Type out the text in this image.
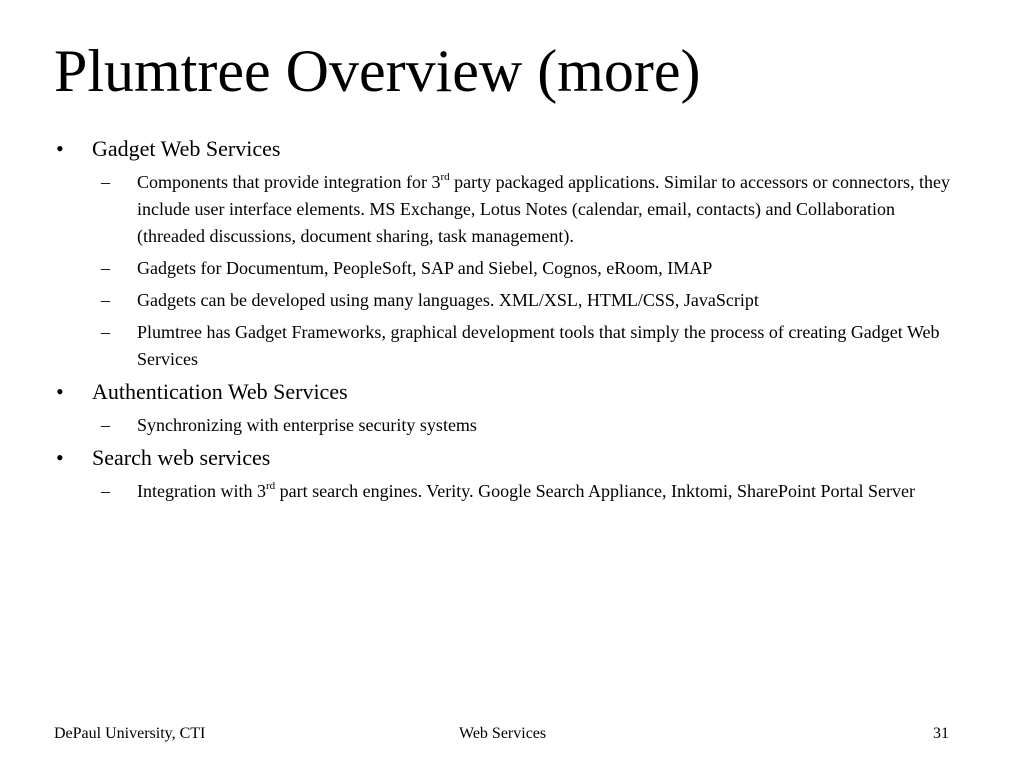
Plumtree Overview (more)
• Gadget Web Services
– Components that provide integration for 3rd party packaged applications. Similar to accessors or connectors, they include user interface elements. MS Exchange, Lotus Notes (calendar, email, contacts) and Collaboration (threaded discussions, document sharing, task management).
– Gadgets for Documentum, PeopleSoft, SAP and Siebel, Cognos, eRoom, IMAP
– Gadgets can be developed using many languages. XML/XSL, HTML/CSS, JavaScript
– Plumtree has Gadget Frameworks, graphical development tools that simply the process of creating Gadget Web Services
• Authentication Web Services
– Synchronizing with enterprise security systems
• Search web services
– Integration with 3rd part search engines. Verity. Google Search Appliance, Inktomi, SharePoint Portal Server
DePaul University, CTI	Web Services	31
